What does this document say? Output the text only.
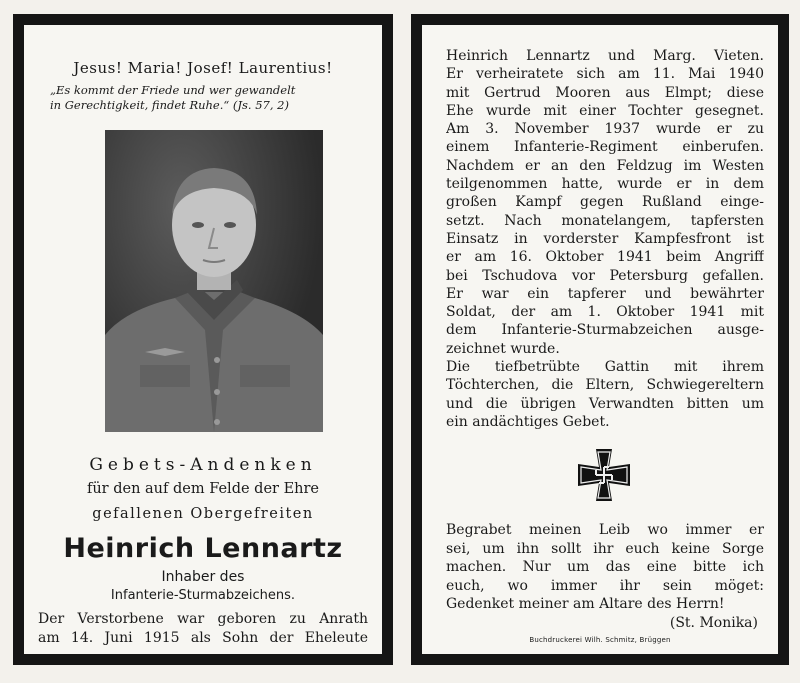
Jesus! Maria! Josef! Laurentius!
„Es kommt der Friede und wer gewandelt
in Gerechtigkeit, findet Ruhe.“ (Js. 57, 2)
Gebets-Andenken
für den auf dem Felde der Ehre
gefallenen Obergefreiten
Heinrich Lennartz
Inhaber des
Infanterie-Sturmabzeichens.
Der Verstorbene war geboren zu Anrath
am 14. Juni 1915 als Sohn der Eheleute
Heinrich Lennartz und Marg. Vieten.
Er verheiratete sich am 11. Mai 1940
mit Gertrud Mooren aus Elmpt; diese
Ehe wurde mit einer Tochter gesegnet.
Am 3. November 1937 wurde er zu
einem Infanterie-Regiment einberufen.
Nachdem er an den Feldzug im Westen
teilgenommen hatte, wurde er in dem
großen Kampf gegen Rußland einge-
setzt. Nach monatelangem, tapfersten
Einsatz in vorderster Kampfesfront ist
er am 16. Oktober 1941 beim Angriff
bei Tschudova vor Petersburg gefallen.
Er war ein tapferer und bewährter
Soldat, der am 1. Oktober 1941 mit
dem Infanterie-Sturmabzeichen ausge-
zeichnet wurde.
Die tiefbetrübte Gattin mit ihrem
Töchterchen, die Eltern, Schwiegereltern
und die übrigen Verwandten bitten um
ein andächtiges Gebet.
Begrabet meinen Leib wo immer er
sei, um ihn sollt ihr euch keine Sorge
machen. Nur um das eine bitte ich
euch, wo immer ihr sein möget:
Gedenket meiner am Altare des Herrn!
(St. Monika)
Buchdruckerei Wilh. Schmitz, Brüggen
